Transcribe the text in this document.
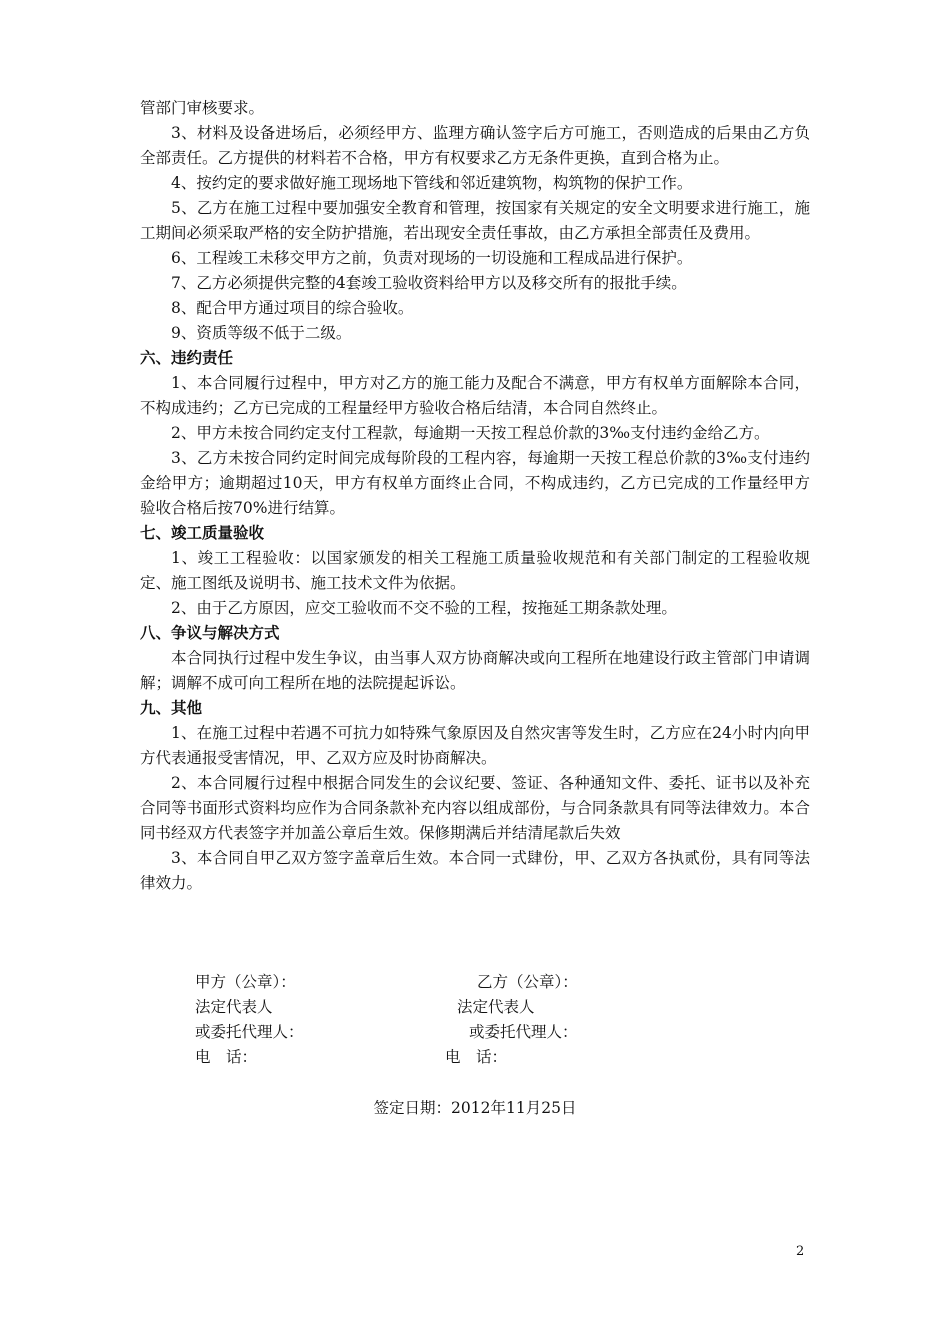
管部门审核要求。

3、材料及设备进场后，必须经甲方、监理方确认签字后方可施工，否则造成的后果由乙方负全部责任。乙方提供的材料若不合格，甲方有权要求乙方无条件更换，直到合格为止。

4、按约定的要求做好施工现场地下管线和邻近建筑物，构筑物的保护工作。

5、乙方在施工过程中要加强安全教育和管理，按国家有关规定的安全文明要求进行施工，施工期间必须采取严格的安全防护措施，若出现安全责任事故，由乙方承担全部责任及费用。

6、工程竣工未移交甲方之前，负责对现场的一切设施和工程成品进行保护。

7、乙方必须提供完整的4套竣工验收资料给甲方以及移交所有的报批手续。

8、配合甲方通过项目的综合验收。

9、资质等级不低于二级。

六、违约责任

1、本合同履行过程中，甲方对乙方的施工能力及配合不满意，甲方有权单方面解除本合同，不构成违约；乙方已完成的工程量经甲方验收合格后结清，本合同自然终止。

2、甲方未按合同约定支付工程款，每逾期一天按工程总价款的3‰支付违约金给乙方。

3、乙方未按合同约定时间完成每阶段的工程内容，每逾期一天按工程总价款的3‰支付违约金给甲方；逾期超过10天，甲方有权单方面终止合同，不构成违约，乙方已完成的工作量经甲方验收合格后按70%进行结算。

七、竣工质量验收

1、竣工工程验收：以国家颁发的相关工程施工质量验收规范和有关部门制定的工程验收规定、施工图纸及说明书、施工技术文件为依据。

2、由于乙方原因，应交工验收而不交不验的工程，按拖延工期条款处理。

八、争议与解决方式

本合同执行过程中发生争议，由当事人双方协商解决或向工程所在地建设行政主管部门申请调解；调解不成可向工程所在地的法院提起诉讼。

九、其他

1、在施工过程中若遇不可抗力如特殊气象原因及自然灾害等发生时，乙方应在24小时内向甲方代表通报受害情况，甲、乙双方应及时协商解决。

2、本合同履行过程中根据合同发生的会议纪要、签证、各种通知文件、委托、证书以及补充合同等书面形式资料均应作为合同条款补充内容以组成部份，与合同条款具有同等法律效力。本合同书经双方代表签字并加盖公章后生效。保修期满后并结清尾款后失效

3、本合同自甲乙双方签字盖章后生效。本合同一式肆份，甲、乙双方各执贰份，具有同等法律效力。

甲方（公章）：	乙方（公章）：
法定代表人	法定代表人
或委托代理人：	或委托代理人：
电　话：	电　话：
签定日期：2012年11月25日
2
